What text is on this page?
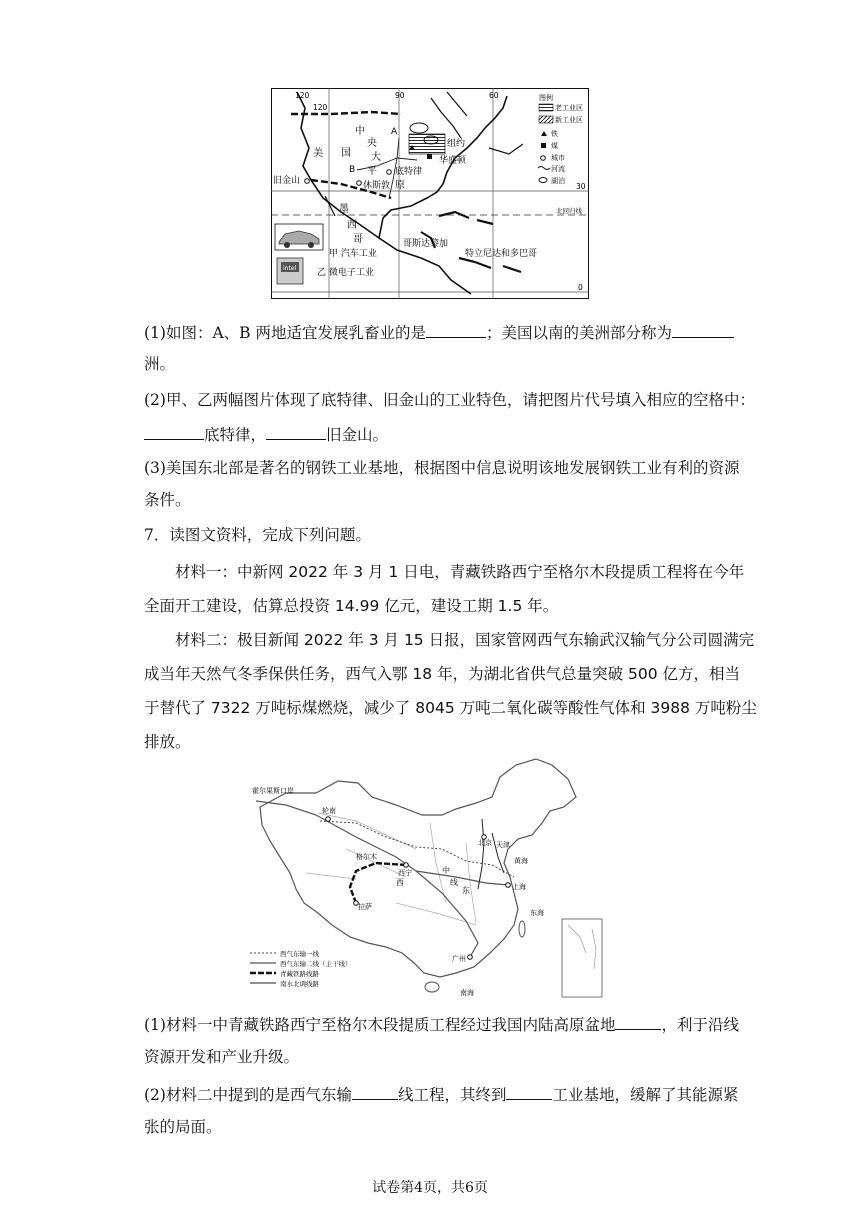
120
120
90	60
30
0
北回归线
图例
老工业区
新工业区
铁
煤
城市
河流
湖泊
A
B
中
央
美 国 大
平
原
底特律
组约
华盛顿
旧金山	休斯敦
墨
西
哥	哥斯达黎加
特立尼达和多巴哥
甲 汽车工业
乙 微电子工业
intel
(1)如图：A、B 两地适宜发展乳畜业的是	；美国以南的美洲部分称为
洲。
(2)甲、乙两幅图片体现了底特律、旧金山的工业特色，请把图片代号填入相应的空格中：
底特律，	旧金山。
(3)美国东北部是著名的钢铁工业基地，根据图中信息说明该地发展钢铁工业有利的资源
条件。
7．读图文资料，完成下列问题。
材料一：中新网 2022 年 3 月 1 日电，青藏铁路西宁至格尔木段提质工程将在今年
全面开工建设，估算总投资 14.99 亿元，建设工期 1.5 年。
材料二：极目新闻 2022 年 3 月 15 日报，国家管网西气东输武汉输气分公司圆满完
成当年天然气冬季保供任务，西气入鄂 18 年，为湖北省供气总量突破 500 亿方，相当
于替代了 7322 万吨标煤燃烧，减少了 8045 万吨二氧化碳等酸性气体和 3988 万吨粉尘
排放。
霍尔果斯口岸
轮南
格尔木
西宁
拉萨
北京 天津
上海
广州
黄海
东海
南海
中
东
线
西
西气东输一线
西气东输二线（主干线）
青藏铁路线路
南水北调线路
(1)材料一中青藏铁路西宁至格尔木段提质工程经过我国内陆高原盆地	，利于沿线
资源开发和产业升级。
(2)材料二中提到的是西气东输	线工程，其终到	工业基地，缓解了其能源紧
张的局面。
试卷第4页，共6页
